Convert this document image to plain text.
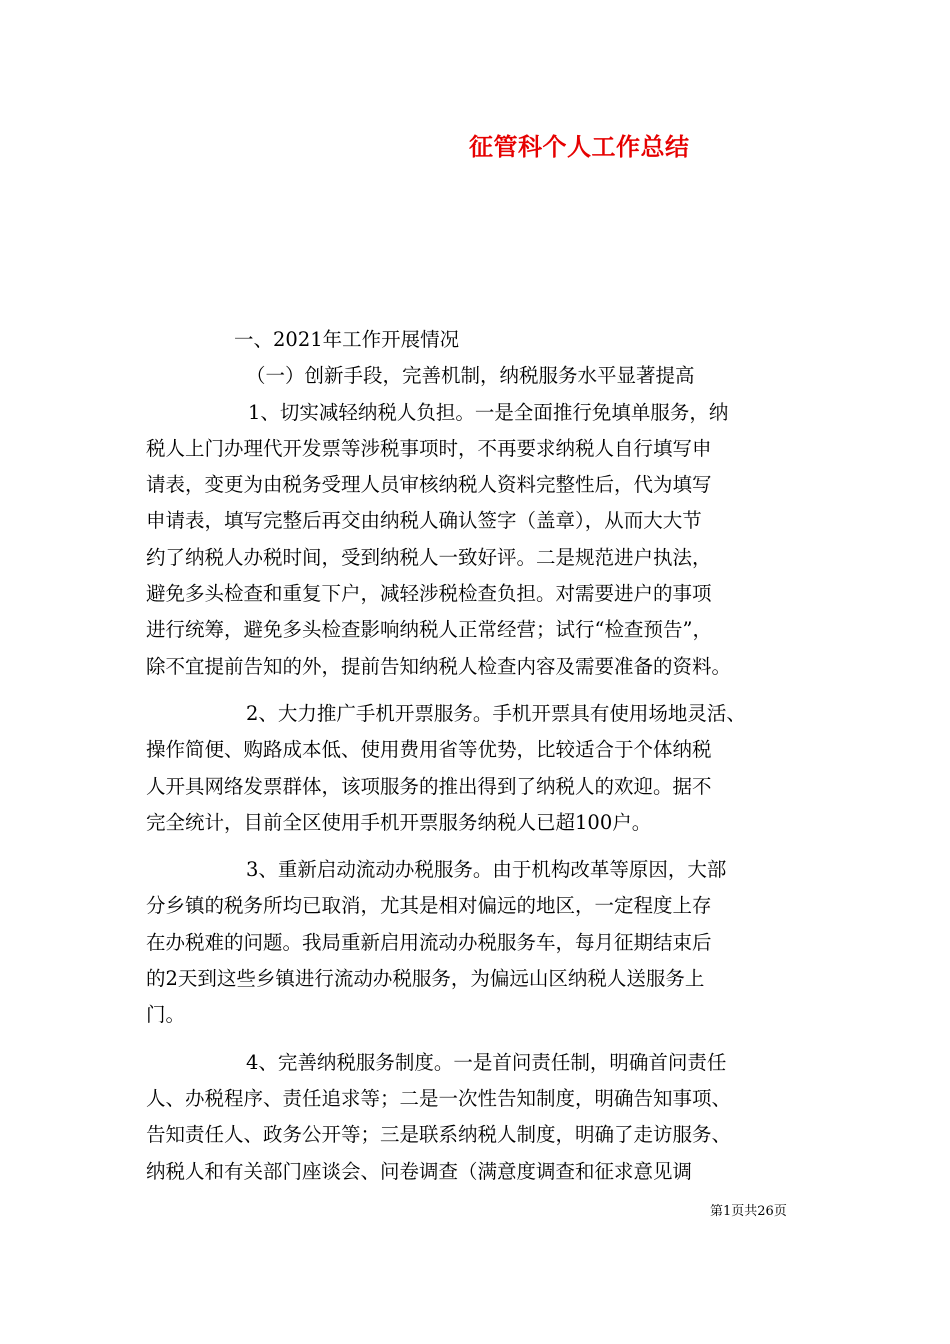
征管科个人工作总结
一、2021年工作开展情况
（一）创新手段，完善机制，纳税服务水平显著提高
1、切实减轻纳税人负担。一是全面推行免填单服务，纳
税人上门办理代开发票等涉税事项时，不再要求纳税人自行填写申
请表，变更为由税务受理人员审核纳税人资料完整性后，代为填写
申请表，填写完整后再交由纳税人确认签字（盖章），从而大大节
约了纳税人办税时间，受到纳税人一致好评。二是规范进户执法，
避免多头检查和重复下户，减轻涉税检查负担。对需要进户的事项
进行统筹，避免多头检查影响纳税人正常经营；试行“检查预告”，
除不宜提前告知的外，提前告知纳税人检查内容及需要准备的资料。
2、大力推广手机开票服务。手机开票具有使用场地灵活、
操作简便、购路成本低、使用费用省等优势，比较适合于个体纳税
人开具网络发票群体，该项服务的推出得到了纳税人的欢迎。据不
完全统计，目前全区使用手机开票服务纳税人已超100户。
3、重新启动流动办税服务。由于机构改革等原因，大部
分乡镇的税务所均已取消，尤其是相对偏远的地区，一定程度上存
在办税难的问题。我局重新启用流动办税服务车，每月征期结束后
的2天到这些乡镇进行流动办税服务，为偏远山区纳税人送服务上
门。
4、完善纳税服务制度。一是首问责任制，明确首问责任
人、办税程序、责任追求等；二是一次性告知制度，明确告知事项、
告知责任人、政务公开等；三是联系纳税人制度，明确了走访服务、
纳税人和有关部门座谈会、问卷调查（满意度调查和征求意见调
第1页共26页
